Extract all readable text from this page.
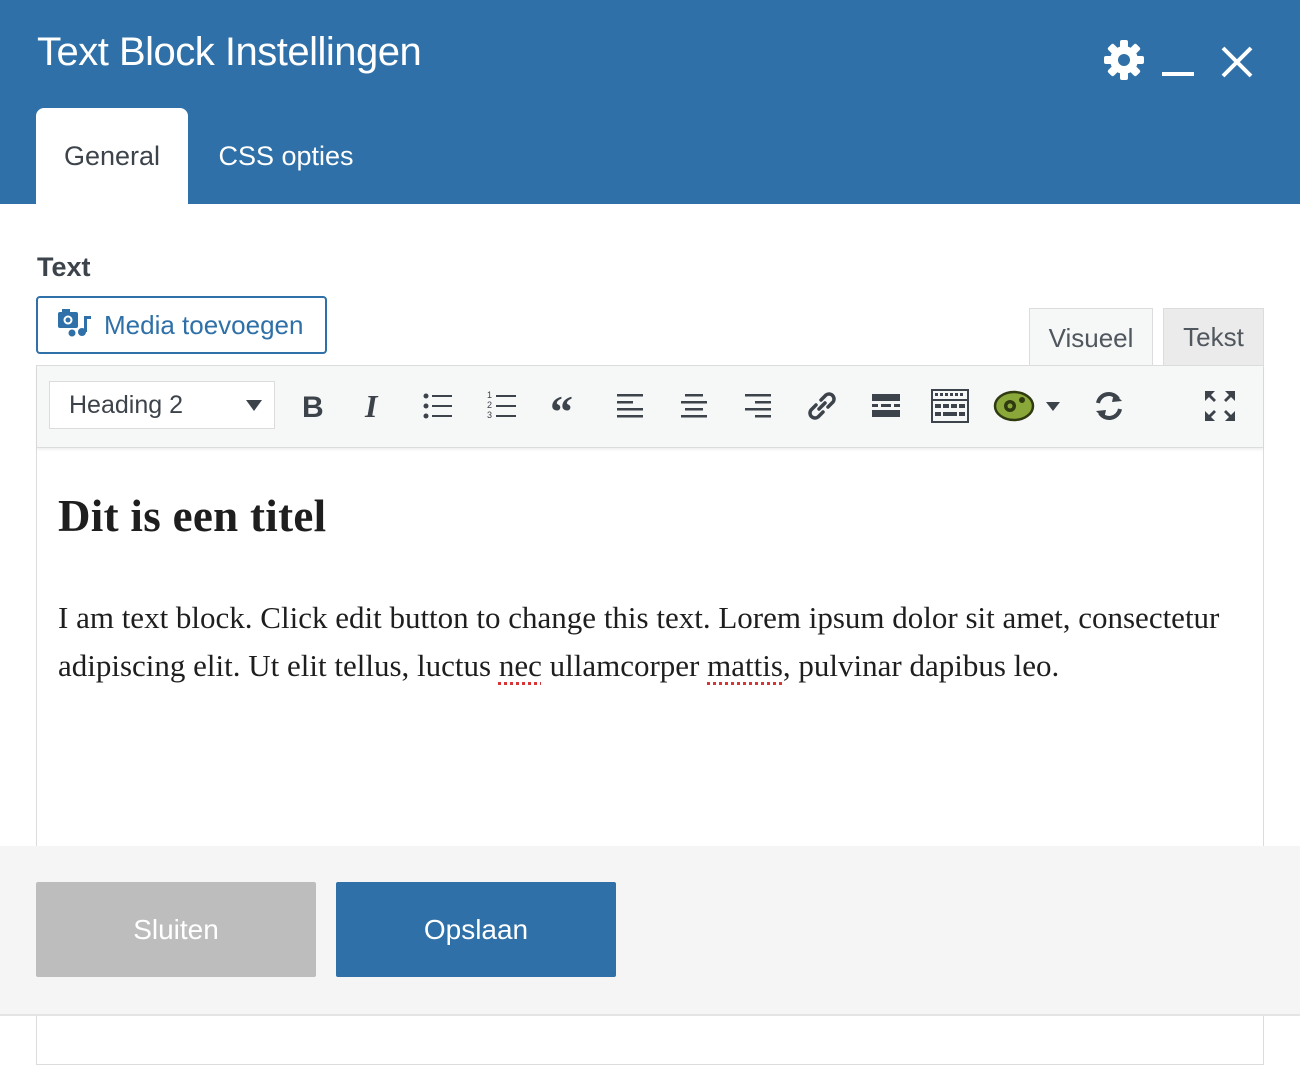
Text Block Instellingen
General	CSS opties
Text
Media toevoegen	Visueel	Tekst
Heading 2	B I	1
2
3 “
Dit is een titel

I am text block. Click edit button to change this text. Lorem ipsum dolor sit amet, consectetur adipiscing elit. Ut elit tellus, luctus nec ullamcorper mattis, pulvinar dapibus leo.

Sluiten	Opslaan
